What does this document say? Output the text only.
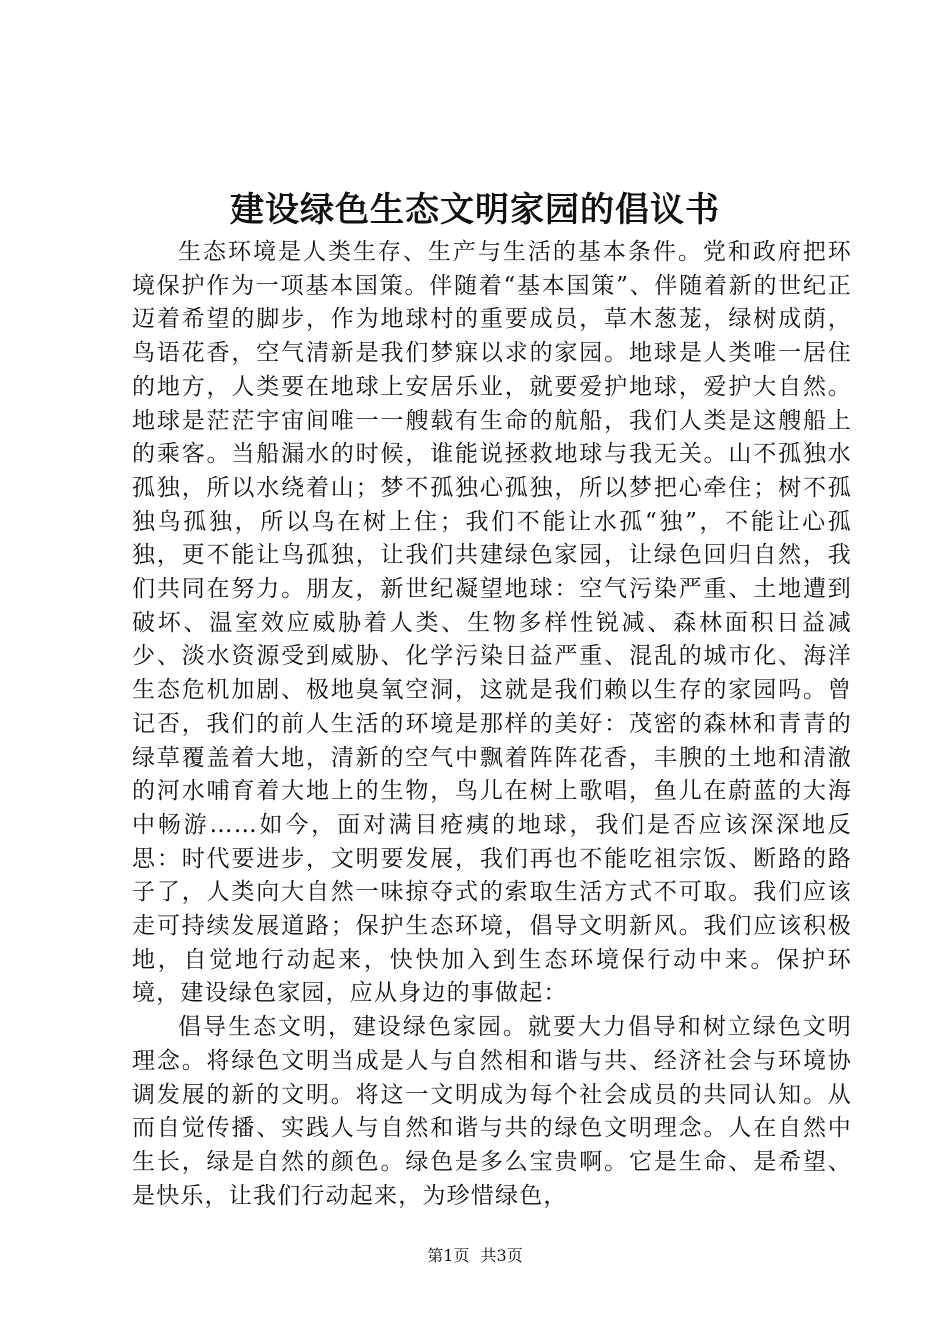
建设绿色生态文明家园的倡议书

生态环境是人类生存、生产与生活的基本条件。党和政府把环境保护作为一项基本国策。伴随着“基本国策”、伴随着新的世纪正迈着希望的脚步，作为地球村的重要成员，草木葱茏，绿树成荫，鸟语花香，空气清新是我们梦寐以求的家园。地球是人类唯一居住的地方，人类要在地球上安居乐业，就要爱护地球，爱护大自然。地球是茫茫宇宙间唯一一艘载有生命的航船，我们人类是这艘船上的乘客。当船漏水的时候，谁能说拯救地球与我无关。山不孤独水孤独，所以水绕着山；梦不孤独心孤独，所以梦把心牵住；树不孤独鸟孤独，所以鸟在树上住；我们不能让水孤“独”，不能让心孤独，更不能让鸟孤独，让我们共建绿色家园，让绿色回归自然，我们共同在努力。朋友，新世纪凝望地球：空气污染严重、土地遭到破坏、温室效应威胁着人类、生物多样性锐减、森林面积日益减少、淡水资源受到威胁、化学污染日益严重、混乱的城市化、海洋生态危机加剧、极地臭氧空洞，这就是我们赖以生存的家园吗。曾记否，我们的前人生活的环境是那样的美好：茂密的森林和青青的绿草覆盖着大地，清新的空气中飘着阵阵花香，丰腴的土地和清澈的河水哺育着大地上的生物，鸟儿在树上歌唱，鱼儿在蔚蓝的大海中畅游……如今，面对满目疮痍的地球，我们是否应该深深地反思：时代要进步，文明要发展，我们再也不能吃祖宗饭、断路的路子了，人类向大自然一味掠夺式的索取生活方式不可取。我们应该走可持续发展道路；保护生态环境，倡导文明新风。我们应该积极地，自觉地行动起来，快快加入到生态环境保行动中来。保护环境，建设绿色家园，应从身边的事做起：

倡导生态文明，建设绿色家园。就要大力倡导和树立绿色文明理念。将绿色文明当成是人与自然相和谐与共、经济社会与环境协调发展的新的文明。将这一文明成为每个社会成员的共同认知。从而自觉传播、实践人与自然和谐与共的绿色文明理念。人在自然中生长，绿是自然的颜色。绿色是多么宝贵啊。它是生命、是希望、是快乐，让我们行动起来，为珍惜绿色，

第1页 共3页
